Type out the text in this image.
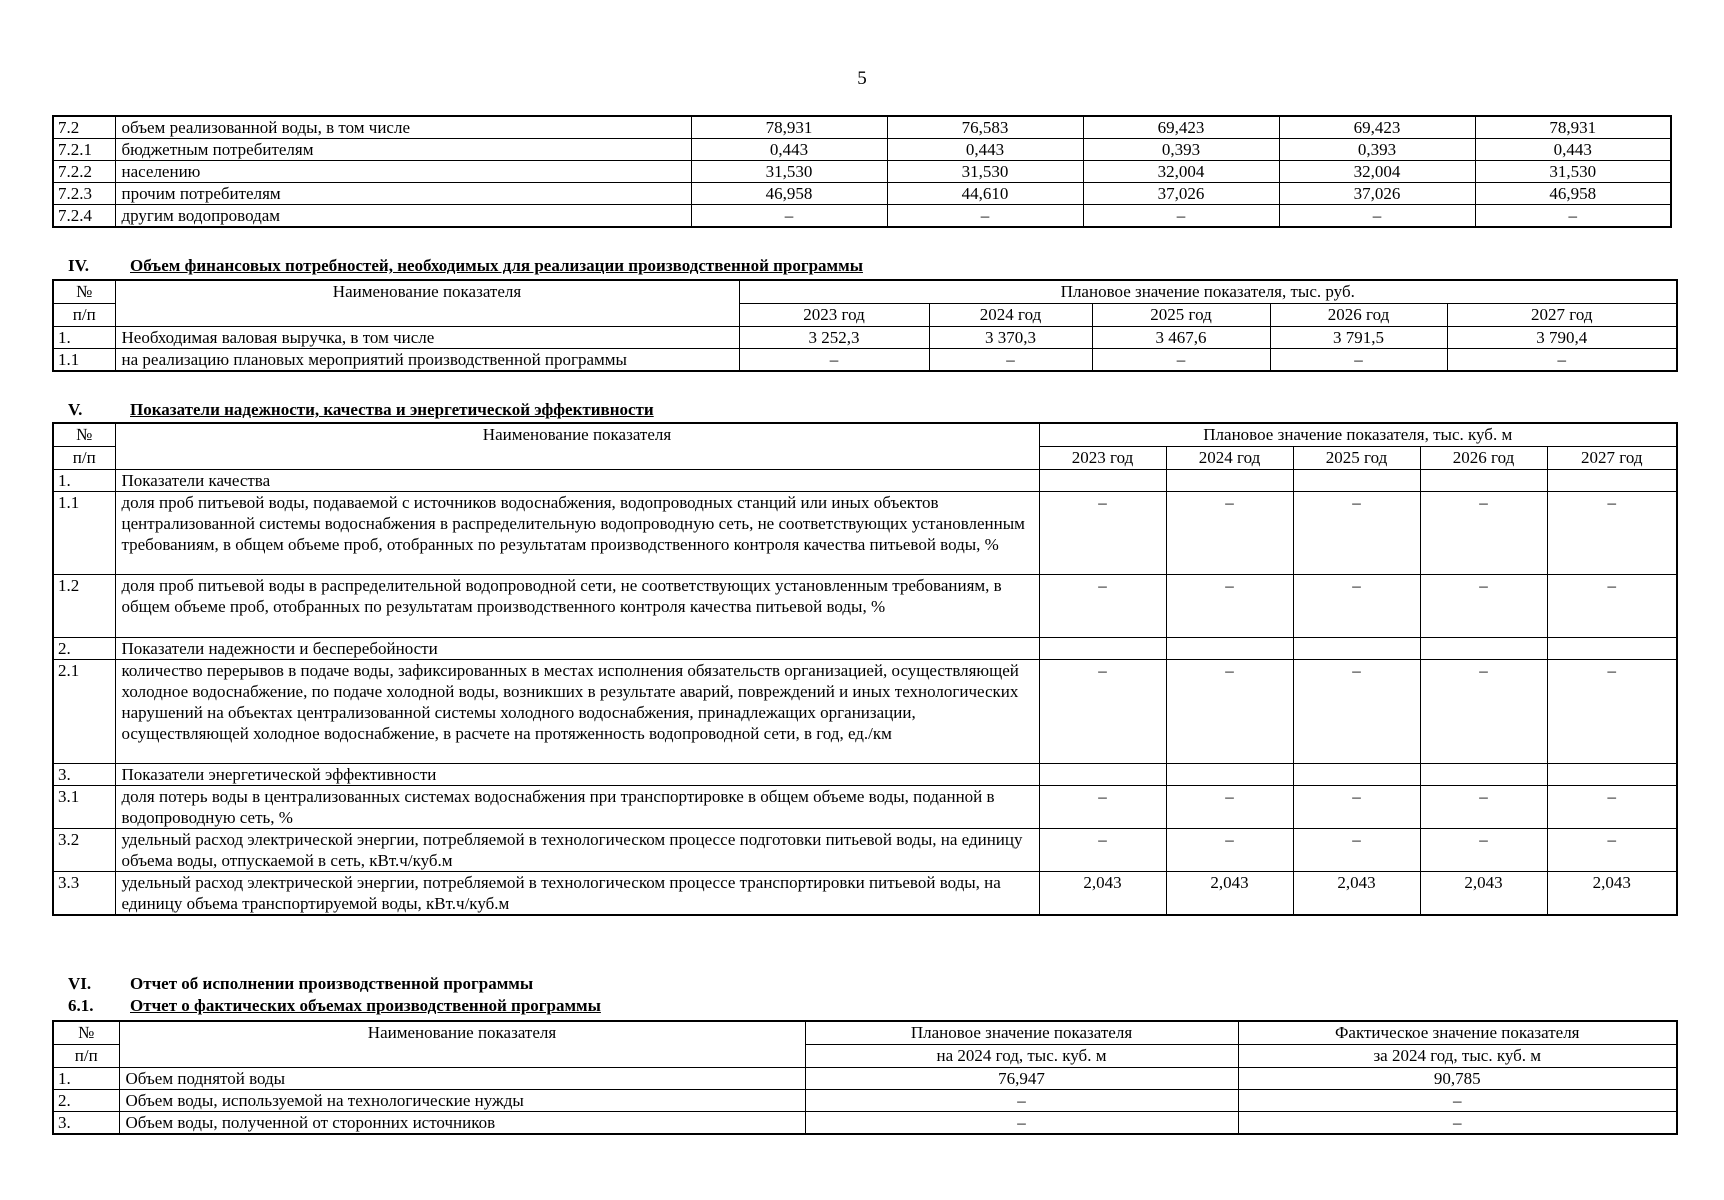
5
7.2	объем реализованной воды, в том числе	78,931	76,583	69,423	69,423	78,931
7.2.1	бюджетным потребителям	0,443	0,443	0,393	0,393	0,443
7.2.2	населению	31,530	31,530	32,004	32,004	31,530
7.2.3	прочим потребителям	46,958	44,610	37,026	37,026	46,958
7.2.4	другим водопроводам	–	–	–	–	–
IV. Объем финансовых потребностей, необходимых для реализации производственной программы
№	Наименование показателя	Плановое значение показателя, тыс. руб.				
п/п		2023 год	2024 год	2025 год	2026 год	2027 год
1.	Необходимая валовая выручка, в том числе	3 252,3	3 370,3	3 467,6	3 791,5	3 790,4
1.1	на реализацию плановых мероприятий производственной программы	–	–	–	–	–
V.	Показатели надежности, качества и энергетической эффективности
№	Наименование показателя	Плановое значение показателя, тыс. куб. м				
п/п		2023 год	2024 год	2025 год	2026 год	2027 год
1.	Показатели качества					
1.1	доля проб питьевой воды, подаваемой с источников водоснабжения, водопроводных станций или иных объектов централизованной системы водоснабжения в распределительную водопроводную сеть, не соответствующих установленным требованиям, в общем объеме проб, отобранных по результатам производственного контроля качества питьевой воды, %	–	–	–	–	–
1.2	доля проб питьевой воды в распределительной водопроводной сети, не соответствующих установленным требованиям, в общем объеме проб, отобранных по результатам производственного контроля качества питьевой воды, %	–	–	–	–	–
2.	Показатели надежности и бесперебойности					
2.1	количество перерывов в подаче воды, зафиксированных в местах исполнения обязательств организацией, осуществляющей холодное водоснабжение, по подаче холодной воды, возникших в результате аварий, повреждений и иных технологических нарушений на объектах централизованной системы холодного водоснабжения, принадлежащих организации, осуществляющей холодное водоснабжение, в расчете на протяженность водопроводной сети, в год, ед./км	–	–	–	–	–
3.	Показатели энергетической эффективности					
3.1	доля потерь воды в централизованных системах водоснабжения при транспортировке в общем объеме воды, поданной в водопроводную сеть, %	–	–	–	–	–
3.2	удельный расход электрической энергии, потребляемой в технологическом процессе подготовки питьевой воды, на единицу объема воды, отпускаемой в сеть, кВт.ч/куб.м	–	–	–	–	–
3.3	удельный расход электрической энергии, потребляемой в технологическом процессе транспортировки питьевой воды, на единицу объема транспортируемой воды, кВт.ч/куб.м	2,043	2,043	2,043	2,043	2,043
VI. Отчет об исполнении производственной программы
6.1. Отчет о фактических объемах производственной программы
№	Наименование показателя	Плановое значение показателя	Фактическое значение показателя
п/п		на 2024 год, тыс. куб. м	за 2024 год, тыс. куб. м
1.	Объем поднятой воды	76,947	90,785
2.	Объем воды, используемой на технологические нужды	–	–
3.	Объем воды, полученной от сторонних источников	–	–
